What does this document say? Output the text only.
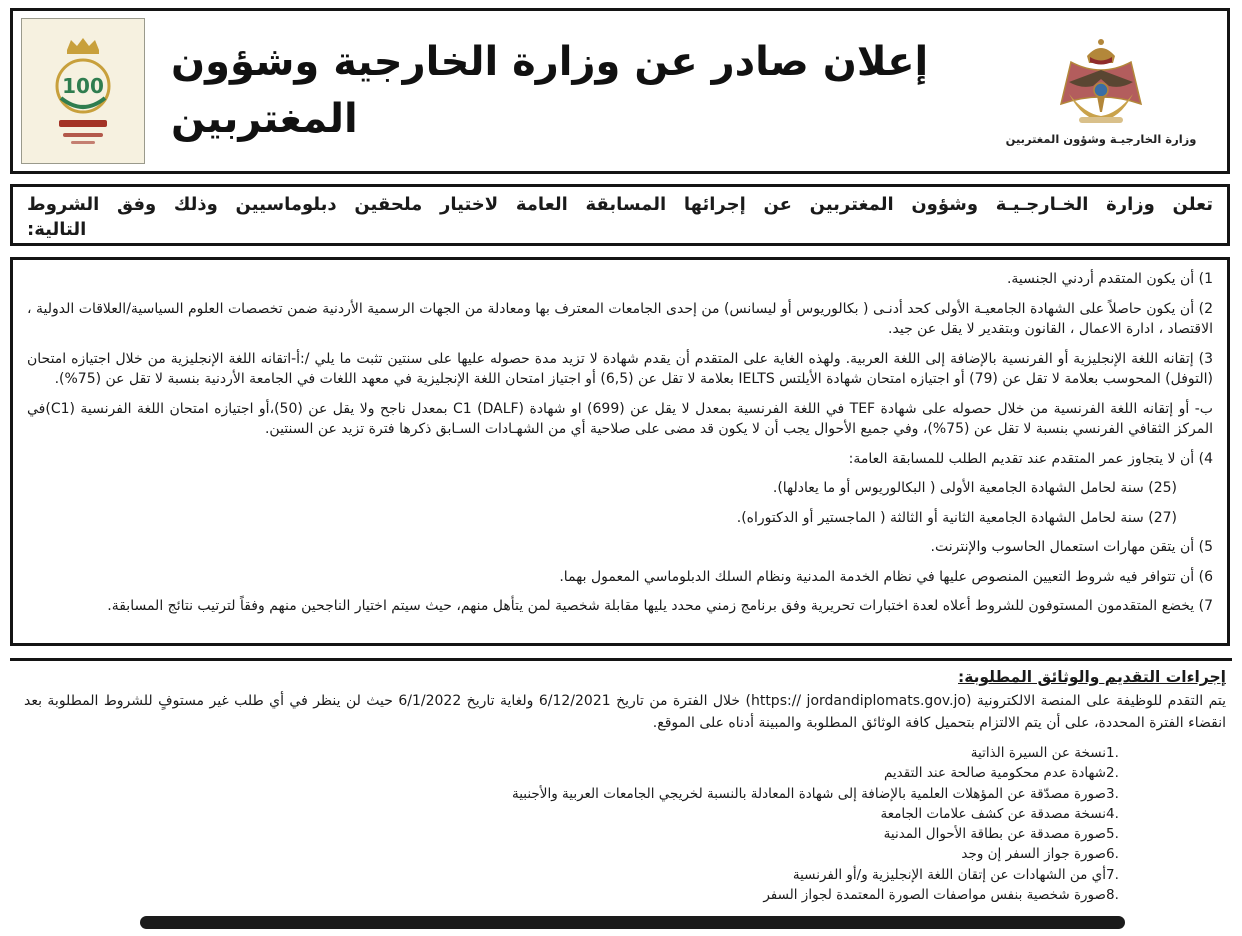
100
إعلان صادر عن وزارة الخارجية وشؤون المغتربين	وزارة الخارجيـة وشؤون المغتربين
تعلن وزارة الخـارجـيـة وشؤون المغتربين عن إجرائها المسابقة العامة لاختيار ملحقين دبلوماسيين وذلك وفق الشروط
التالية:
1) أن يكون المتقدم أردني الجنسية.
2) أن يكون حاصلاً على الشهادة الجامعيـة الأولى كحد أدنـى ( بكالوريوس أو ليسانس) من إحدى الجامعات المعترف بها ومعادلة من الجهات الرسمية الأردنية ضمن تخصصات العلوم السياسية/العلاقات الدولية ، الاقتصاد ، ادارة الاعمال ، القانون وبتقدير لا يقل عن جيد.
3) إتقانه اللغة الإنجليزية أو الفرنسية بالإضافة إلى اللغة العربية. ولهذه الغاية على المتقدم أن يقدم شهادة لا تزيد مدة حصوله عليها على سنتين تثبت ما يلي /:أ-اتقانه اللغة الإنجليزية من خلال اجتيازه امتحان (التوفل) المحوسب بعلامة لا تقل عن (79) أو اجتيازه امتحان شهادة الأيلتس IELTS بعلامة لا تقل عن (6,5) أو اجتياز امتحان اللغة الإنجليزية في معهد اللغات في الجامعة الأردنية بنسبة لا تقل عن (75%).
ب- أو إتقانه اللغة الفرنسية من خلال حصوله على شهادة TEF في اللغة الفرنسية بمعدل لا يقل عن (699) او شهادة C1 (DALF) بمعدل ناجح ولا يقل عن (50)،أو اجتيازه امتحان اللغة الفرنسية (C1)في المركز الثقافي الفرنسي بنسبة لا تقل عن (75%)، وفي جميع الأحوال يجب أن لا يكون قد مضى على صلاحية أي من الشهـادات السـابق ذكرها فترة تزيد عن السنتين.
4) أن لا يتجاوز عمر المتقدم عند تقديم الطلب للمسابقة العامة:
(25) سنة لحامل الشهادة الجامعية الأولى ( البكالوريوس أو ما يعادلها).
(27) سنة لحامل الشهادة الجامعية الثانية أو الثالثة ( الماجستير أو الدكتوراه).
5) أن يتقن مهارات استعمال الحاسوب والإنترنت.
6) أن تتوافر فيه شروط التعيين المنصوص عليها في نظام الخدمة المدنية ونظام السلك الدبلوماسي المعمول بهما.
7) يخضع المتقدمون المستوفون للشروط أعلاه لعدة اختبارات تحريرية وفق برنامج زمني محدد يليها مقابلة شخصية لمن يتأهل منهم، حيث سيتم اختيار الناجحين منهم وفقاً لترتيب نتائج المسابقة.
إجراءات التقديم والوثائق المطلوبة:
يتم التقدم للوظيفة على المنصة الالكترونية (https:// jordandiplomats.gov.jo) خلال الفترة من تاريخ 6/12/2021 ولغاية تاريخ 6/1/2022 حيث لن ينظر في أي طلب غير مستوفٍ للشروط المطلوبة بعد انقضاء الفترة المحددة، على أن يتم الالتزام بتحميل كافة الوثائق المطلوبة والمبينة أدناه على الموقع.
1.
نسخة عن السيرة الذاتية
2.
شهادة عدم محكومية صالحة عند التقديم
3.
صورة مصدّقة عن المؤهلات العلمية بالإضافة إلى شهادة المعادلة بالنسبة لخريجي الجامعات العربية والأجنبية
4.
نسخة مصدقة عن كشف علامات الجامعة
5.
صورة مصدقة عن بطاقة الأحوال المدنية
6.
صورة جواز السفر إن وجد
7.
أي من الشهادات عن إتقان اللغة الإنجليزية و/أو الفرنسية
8.
صورة شخصية بنفس مواصفات الصورة المعتمدة لجواز السفر
